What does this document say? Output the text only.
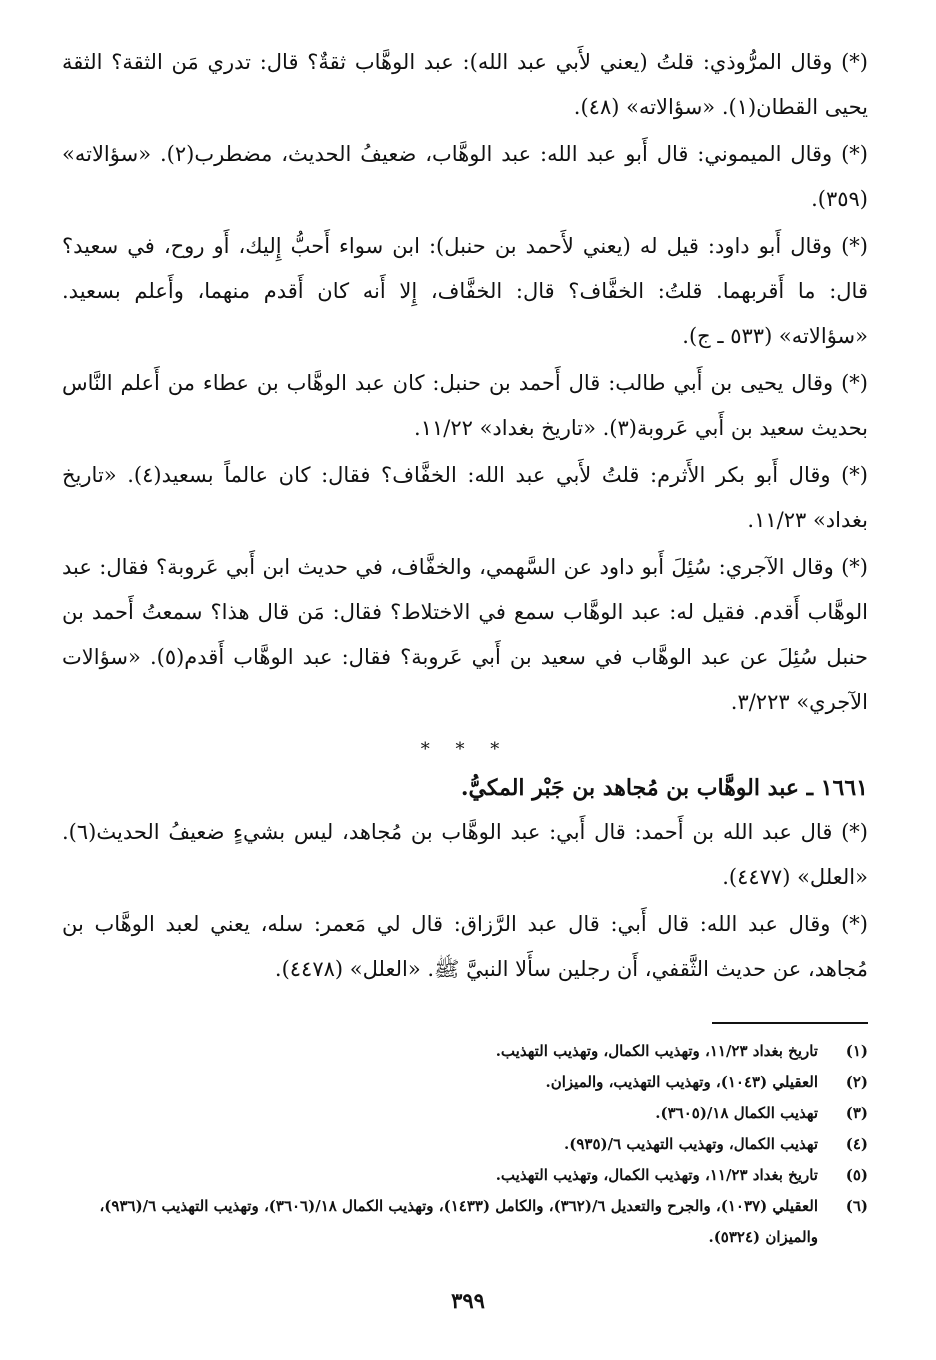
(*) وقال المرُّوذي: قلتُ (يعني لأَبي عبد الله): عبد الوهَّاب ثقةٌ؟ قال: تدري مَن الثقة؟ الثقة يحيى القطان(١). «سؤالاته» (٤٨).

(*) وقال الميموني: قال أَبو عبد الله: عبد الوهَّاب، ضعيفُ الحديث، مضطرب(٢). «سؤالاته» (٣٥٩).

(*) وقال أَبو داود: قيل له (يعني لأَحمد بن حنبل): ابن سواء أَحبُّ إِليك، أَو روح، في سعيد؟ قال: ما أَقربهما. قلتُ: الخفَّاف؟ قال: الخفَّاف، إِلا أَنه كان أَقدم منهما، وأَعلم بسعيد. «سؤالاته» (٥٣٣ ـ ج).

(*) وقال يحيى بن أَبي طالب: قال أَحمد بن حنبل: كان عبد الوهَّاب بن عطاء من أَعلم النَّاس بحديث سعيد بن أَبي عَروبة(٣). «تاريخ بغداد» ١١/٢٢.

(*) وقال أَبو بكر الأَثرم: قلتُ لأَبي عبد الله: الخفَّاف؟ فقال: كان عالماً بسعيد(٤). «تاريخ بغداد» ١١/٢٣.

(*) وقال الآجري: سُئِلَ أَبو داود عن السَّهمي، والخفَّاف، في حديث ابن أَبي عَروبة؟ فقال: عبد الوهَّاب أَقدم. فقيل له: عبد الوهَّاب سمع في الاختلاط؟ فقال: مَن قال هذا؟ سمعتُ أَحمد بن حنبل سُئِلَ عن عبد الوهَّاب في سعيد بن أَبي عَروبة؟ فقال: عبد الوهَّاب أَقدم(٥). «سؤالات الآجري» ٣/٢٢٣.

* * *
١٦٦١ ـ عبد الوهَّاب بن مُجاهد بن جَبْر المكيُّ.

(*) قال عبد الله بن أَحمد: قال أَبي: عبد الوهَّاب بن مُجاهد، ليس بشيءٍ ضعيفُ الحديث(٦). «العلل» (٤٤٧٧).

(*) وقال عبد الله: قال أَبي: قال عبد الرَّزاق: قال لي مَعمر: سله، يعني لعبد الوهَّاب بن مُجاهد، عن حديث الثَّقفي، أَن رجلين سأَلا النبيَّ ﷺ. «العلل» (٤٤٧٨).

(١)
تاريخ بغداد ١١/٢٣، وتهذيب الكمال، وتهذيب التهذيب.
(٢)
العقيلي (١٠٤٣)، وتهذيب التهذيب، والميزان.
(٣)
تهذيب الكمال ١٨/(٣٦٠٥).
(٤)
تهذيب الكمال، وتهذيب التهذيب ٦/(٩٣٥).
(٥)
تاريخ بغداد ١١/٢٣، وتهذيب الكمال، وتهذيب التهذيب.
(٦)
العقيلي (١٠٣٧)، والجرح والتعديل ٦/(٣٦٢)، والكامل (١٤٣٣)، وتهذيب الكمال ١٨/(٣٦٠٦)، وتهذيب التهذيب ٦/(٩٣٦)، والميزان (٥٣٢٤).
٣٩٩
